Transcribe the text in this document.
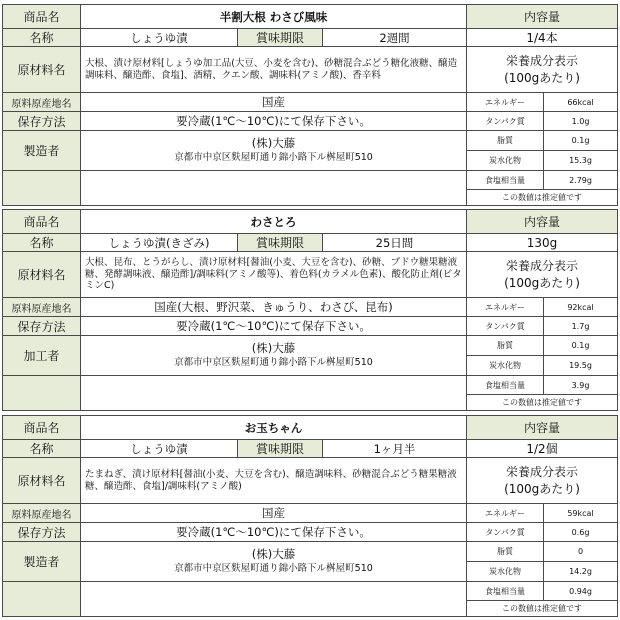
商品名	半割大根 わさび風味			内容量	
名称	しょうゆ漬	賞味期限	2週間	1/4本	
原材料名	大根、漬け原材料[しょうゆ加工品(大豆、小麦を含む)、砂糖混合ぶどう糖化液糖、醸造調味料、醸造酢、食塩]、酒精、クエン酸、調味料(アミノ酸)、香辛料			栄養成分表示
(100gあたり)	

原料原産地名	国産			エネルギー	66kcal
保存方法	要冷蔵(1℃〜10℃)にて保存下さい。			タンパク質	1.0g
製造者	(株)大藤
京都市中京区麩屋町通り錦小路下ル桝屋町510			脂質	0.1g
				炭水化物	15.3g
				食塩相当量	2.79g
				この数値は推定値です	
商品名	わさとろ			内容量	
名称	しょうゆ漬(きざみ)	賞味期限	25日間	130g	
原材料名	大根、昆布、とうがらし、漬け原材料[醤油(小麦、大豆を含む)、砂糖、ブドウ糖果糖液糖、発酵調味液、醸造酢]/調味料(アミノ酸等)、着色料(カラメル色素)、酸化防止剤(ビタミンC)			栄養成分表示
(100gあたり)	

原料原産地名	国産(大根、野沢菜、きゅうり、わさび、昆布)			エネルギー	92kcal
保存方法	要冷蔵(1℃〜10℃)にて保存下さい。			タンパク質	1.7g
加工者	(株)大藤
京都市中京区麩屋町通り錦小路下ル桝屋町510			脂質	0.1g
				炭水化物	19.5g
				食塩相当量	3.9g
				この数値は推定値です	
商品名	お玉ちゃん			内容量	
名称	しょうゆ漬	賞味期限	1ヶ月半	1/2個	
原材料名	たまねぎ、漬け原材料[醤油(小麦、大豆を含む)、醸造調味料、砂糖混合ぶどう糖果糖液糖、醸造酢、食塩]/調味料(アミノ酸)			栄養成分表示
(100gあたり)	

原料原産地名	国産			エネルギー	59kcal
保存方法	要冷蔵(1℃〜10℃)にて保存下さい。			タンパク質	0.6g
製造者	(株)大藤
京都市中京区麩屋町通り錦小路下ル桝屋町510			脂質	0
				炭水化物	14.2g
				食塩相当量	0.94g
				この数値は推定値です	
